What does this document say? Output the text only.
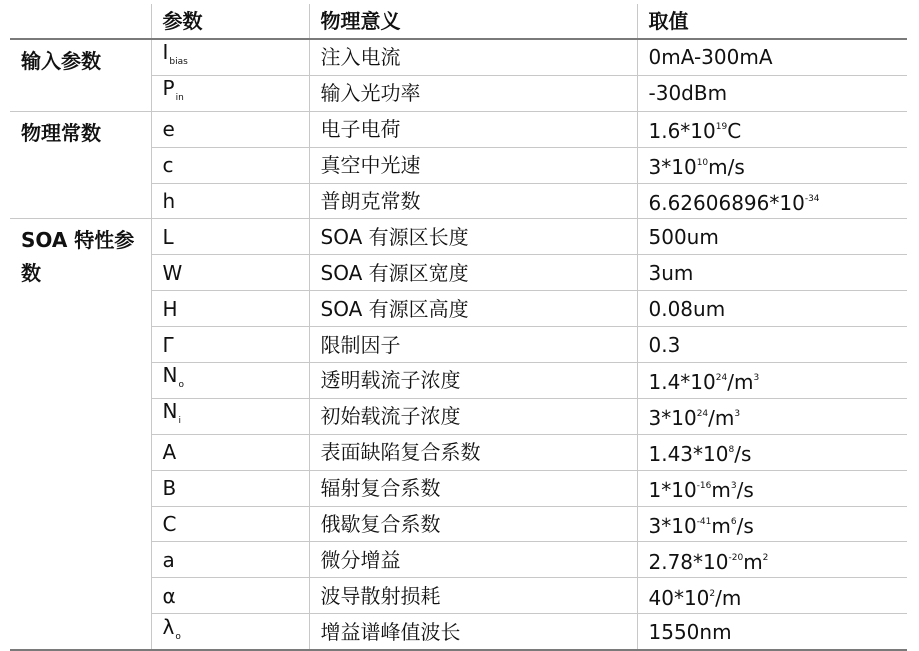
	参数	物理意义	取值
输入参数	$I_{bias}$	注入电流	0mA-300mA
	$P_{in}$	输入光功率	-30dBm
物理常数	e	电子电荷	$1.6*10^{19}C$
	c	真空中光速	$3*10^{10}m/s$
	h	普朗克常数	$6.62606896*10^{-34}$
SOA 特性参数	L	SOA 有源区长度	500um
	W	SOA 有源区宽度	3um
	H	SOA 有源区高度	0.08um
	Γ	限制因子	0.3
	$N_o$	透明载流子浓度	$1.4*10^{24}/m^3$
	$N_i$	初始载流子浓度	$3*10^{24}/m^3$
	A	表面缺陷复合系数	$1.43*10^8/s$
	B	辐射复合系数	$1*10^{-16}m^3/s$
	C	俄歇复合系数	$3*10^{-41}m^6/s$
	a	微分增益	$2.78*10^{-20}m^2$
	α	波导散射损耗	$40*10^2/m$
	$\lambda_o$	增益谱峰值波长	1550nm
